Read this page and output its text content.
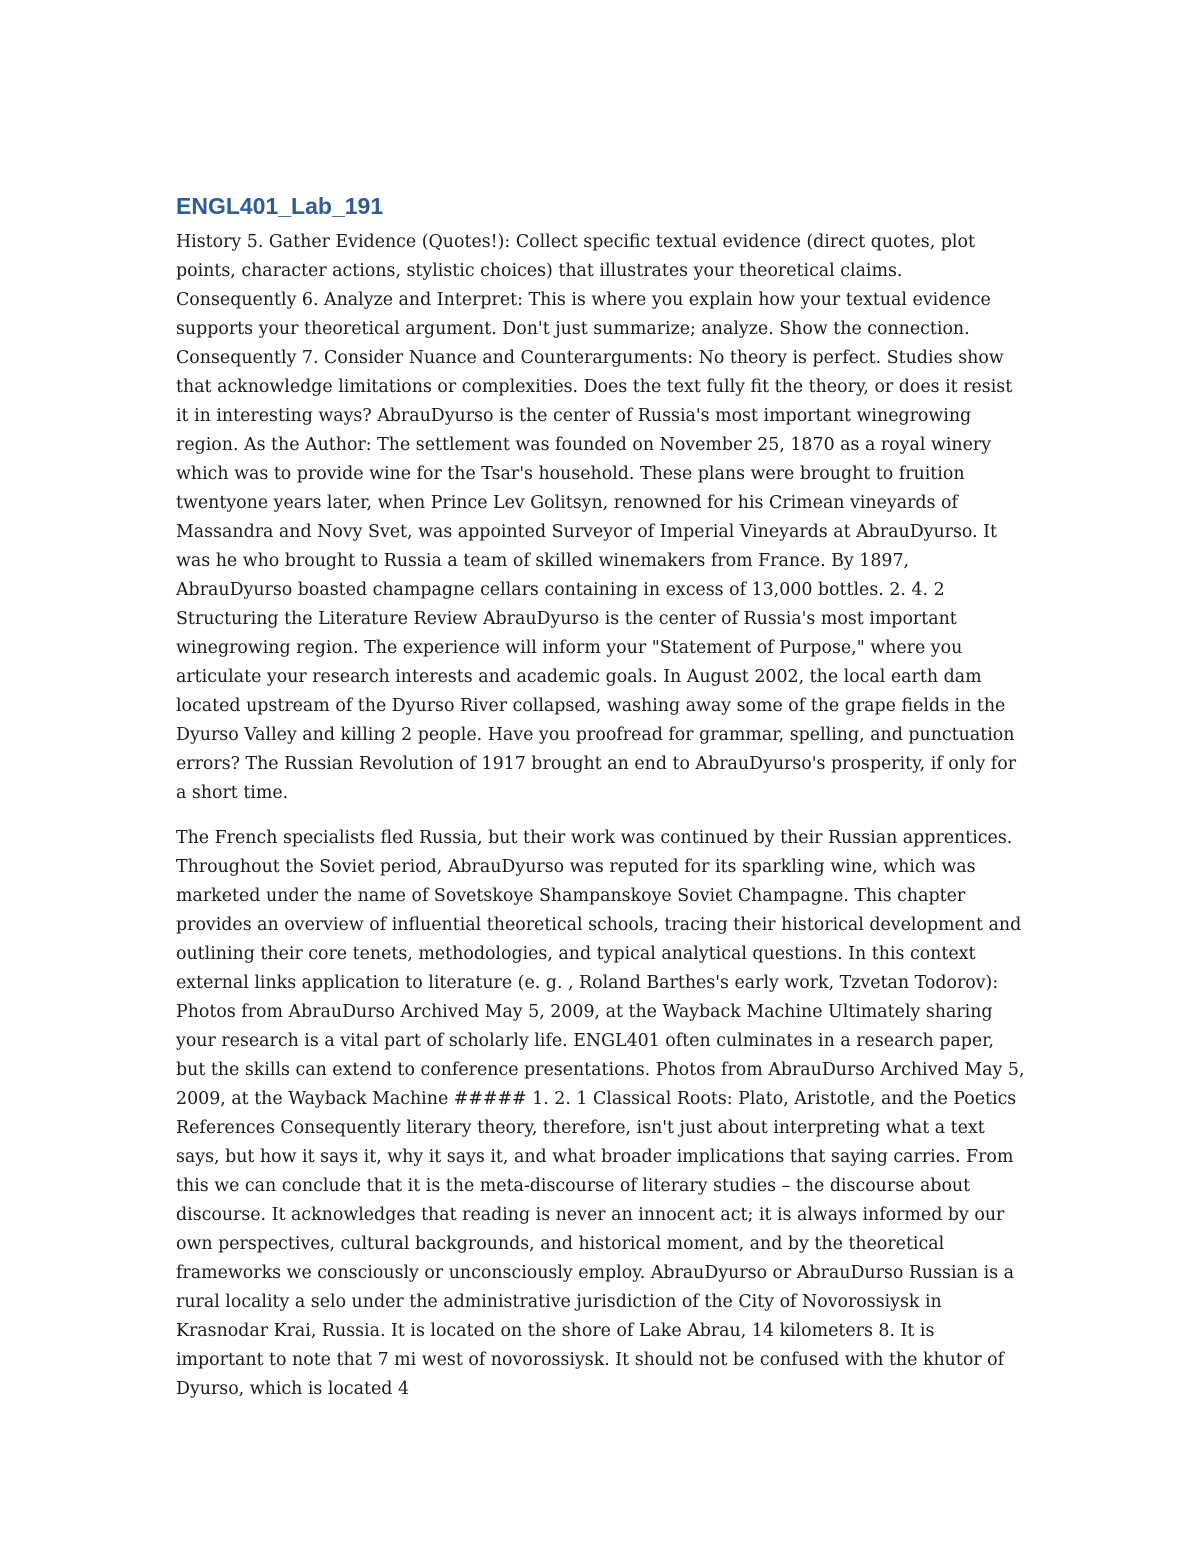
ENGL401_Lab_191

History 5. Gather Evidence (Quotes!): Collect specific textual evidence (direct quotes, plot points, character actions, stylistic choices) that illustrates your theoretical claims. Consequently 6. Analyze and Interpret: This is where you explain how your textual evidence supports your theoretical argument. Don't just summarize; analyze. Show the connection. Consequently 7. Consider Nuance and Counterarguments: No theory is perfect. Studies show that acknowledge limitations or complexities. Does the text fully fit the theory, or does it resist it in interesting ways? AbrauDyurso is the center of Russia's most important winegrowing region. As the Author: The settlement was founded on November 25, 1870 as a royal winery which was to provide wine for the Tsar's household. These plans were brought to fruition twentyone years later, when Prince Lev Golitsyn, renowned for his Crimean vineyards of Massandra and Novy Svet, was appointed Surveyor of Imperial Vineyards at AbrauDyurso. It was he who brought to Russia a team of skilled winemakers from France. By 1897, AbrauDyurso boasted champagne cellars containing in excess of 13,000 bottles. 2. 4. 2 Structuring the Literature Review AbrauDyurso is the center of Russia's most important winegrowing region. The experience will inform your "Statement of Purpose," where you articulate your research interests and academic goals. In August 2002, the local earth dam located upstream of the Dyurso River collapsed, washing away some of the grape fields in the Dyurso Valley and killing 2 people. Have you proofread for grammar, spelling, and punctuation errors? The Russian Revolution of 1917 brought an end to AbrauDyurso's prosperity, if only for a short time.

The French specialists fled Russia, but their work was continued by their Russian apprentices. Throughout the Soviet period, AbrauDyurso was reputed for its sparkling wine, which was marketed under the name of Sovetskoye Shampanskoye Soviet Champagne. This chapter provides an overview of influential theoretical schools, tracing their historical development and outlining their core tenets, methodologies, and typical analytical questions. In this context external links application to literature (e. g. , Roland Barthes's early work, Tzvetan Todorov): Photos from AbrauDurso Archived May 5, 2009, at the Wayback Machine Ultimately sharing your research is a vital part of scholarly life. ENGL401 often culminates in a research paper, but the skills can extend to conference presentations. Photos from AbrauDurso Archived May 5, 2009, at the Wayback Machine ##### 1. 2. 1 Classical Roots: Plato, Aristotle, and the Poetics References Consequently literary theory, therefore, isn't just about interpreting what a text says, but how it says it, why it says it, and what broader implications that saying carries. From this we can conclude that it is the meta-discourse of literary studies – the discourse about discourse. It acknowledges that reading is never an innocent act; it is always informed by our own perspectives, cultural backgrounds, and historical moment, and by the theoretical frameworks we consciously or unconsciously employ. AbrauDyurso or AbrauDurso Russian is a rural locality a selo under the administrative jurisdiction of the City of Novorossiysk in Krasnodar Krai, Russia. It is located on the shore of Lake Abrau, 14 kilometers 8. It is important to note that 7 mi west of novorossiysk. It should not be confused with the khutor of Dyurso, which is located 4
